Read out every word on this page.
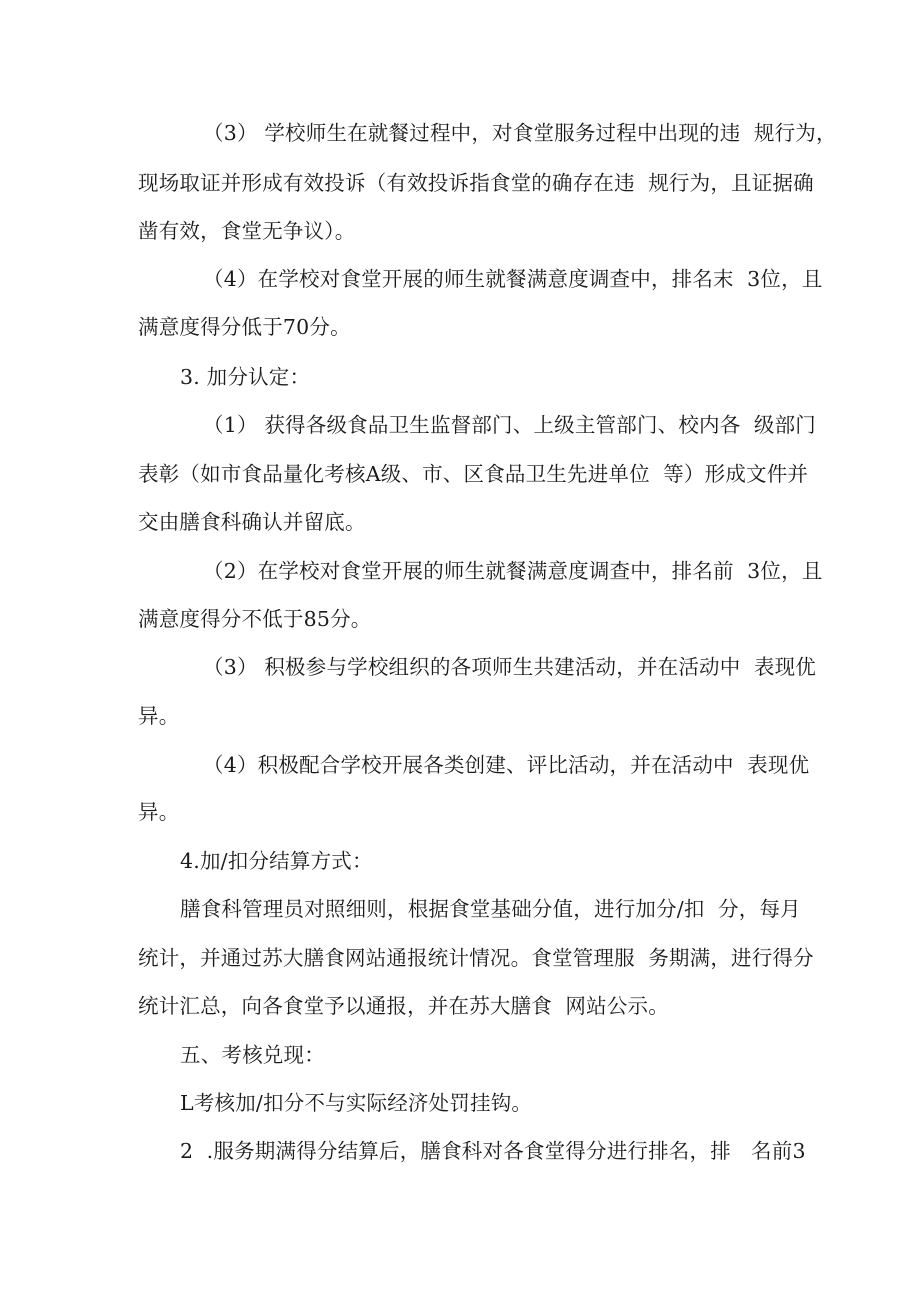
（3） 学校师生在就餐过程中，对食堂服务过程中出现的违  规行为，
现场取证并形成有效投诉（有效投诉指食堂的确存在违  规行为，且证据确
凿有效，食堂无争议）。
（4）在学校对食堂开展的师生就餐满意度调查中，排名末  3位，且
满意度得分低于70分。
3. 加分认定：
（1） 获得各级食品卫生监督部门、上级主管部门、校内各  级部门
表彰（如市食品量化考核A级、市、区食品卫生先进单位  等）形成文件并
交由膳食科确认并留底。
（2）在学校对食堂开展的师生就餐满意度调查中，排名前  3位，且
满意度得分不低于85分。
（3） 积极参与学校组织的各项师生共建活动，并在活动中  表现优
异。
（4）积极配合学校开展各类创建、评比活动，并在活动中  表现优
异。
4.加/扣分结算方式：
膳食科管理员对照细则，根据食堂基础分值，进行加分/扣  分，每月
统计，并通过苏大膳食网站通报统计情况。食堂管理服  务期满，进行得分
统计汇总，向各食堂予以通报，并在苏大膳食  网站公示。
五、考核兑现：
L考核加/扣分不与实际经济处罚挂钩。
2  .服务期满得分结算后，膳食科对各食堂得分进行排名，排   名前3
